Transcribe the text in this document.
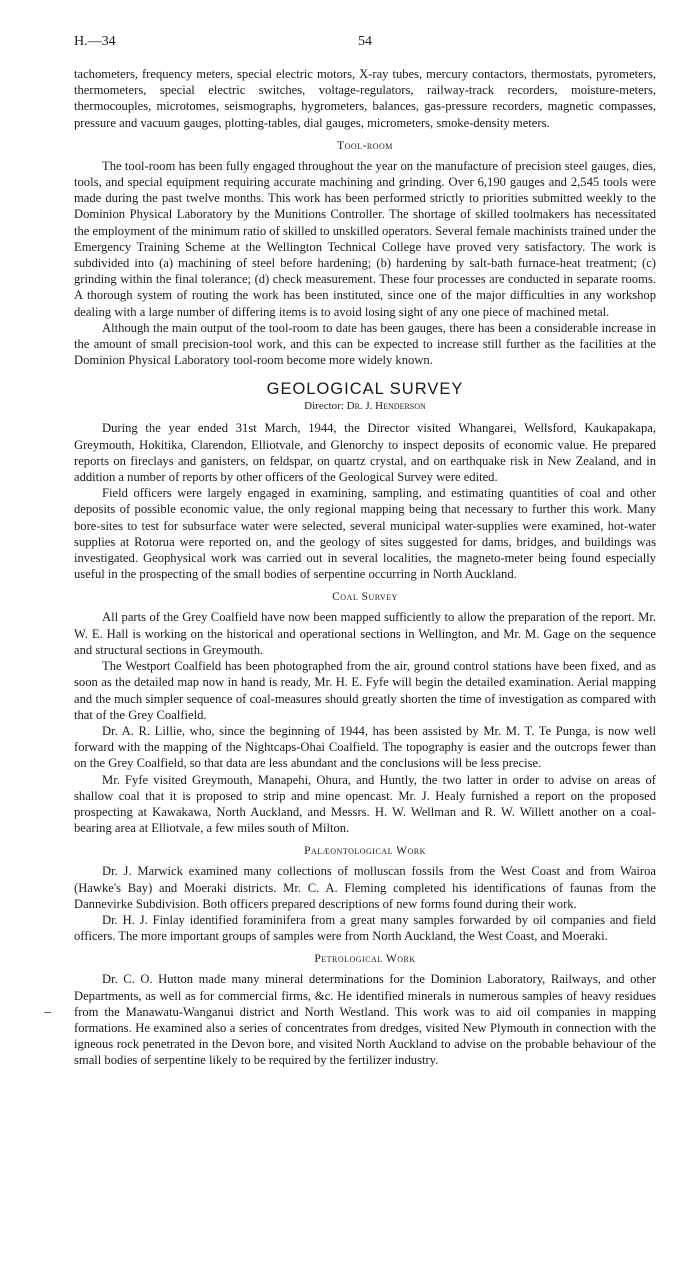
H.—34	54

tachometers, frequency meters, special electric motors, X-ray tubes, mercury contactors, thermostats, pyrometers, thermometers, special electric switches, voltage-regulators, railway-track recorders, moisture-meters, thermocouples, microtomes, seismographs, hygrometers, balances, gas-pressure recorders, magnetic compasses, pressure and vacuum gauges, plotting-tables, dial gauges, micrometers, smoke-density meters.

Tool-room

The tool-room has been fully engaged throughout the year on the manufacture of precision steel gauges, dies, tools, and special equipment requiring accurate machining and grinding. Over 6,190 gauges and 2,545 tools were made during the past twelve months. This work has been performed strictly to priorities submitted weekly to the Dominion Physical Laboratory by the Munitions Controller. The shortage of skilled toolmakers has necessitated the employment of the minimum ratio of skilled to unskilled operators. Several female machinists trained under the Emergency Training Scheme at the Wellington Technical College have proved very satisfactory. The work is subdivided into (a) machining of steel before hardening; (b) hardening by salt-bath furnace-heat treatment; (c) grinding within the final tolerance; (d) check measurement. These four processes are conducted in separate rooms. A thorough system of routing the work has been instituted, since one of the major difficulties in any workshop dealing with a large number of differing items is to avoid losing sight of any one piece of machined metal.

Although the main output of the tool-room to date has been gauges, there has been a considerable increase in the amount of small precision-tool work, and this can be expected to increase still further as the facilities at the Dominion Physical Laboratory tool-room become more widely known.

GEOLOGICAL SURVEY
Director: Dr. J. Henderson

During the year ended 31st March, 1944, the Director visited Whangarei, Wellsford, Kaukapakapa, Greymouth, Hokitika, Clarendon, Elliotvale, and Glenorchy to inspect deposits of economic value. He prepared reports on fireclays and ganisters, on feldspar, on quartz crystal, and on earthquake risk in New Zealand, and in addition a number of reports by other officers of the Geological Survey were edited.

Field officers were largely engaged in examining, sampling, and estimating quantities of coal and other deposits of possible economic value, the only regional mapping being that necessary to further this work. Many bore-sites to test for subsurface water were selected, several municipal water-supplies were examined, hot-water supplies at Rotorua were reported on, and the geology of sites suggested for dams, bridges, and buildings was investigated. Geophysical work was carried out in several localities, the magneto-meter being found especially useful in the prospecting of the small bodies of serpentine occurring in North Auckland.

Coal Survey

All parts of the Grey Coalfield have now been mapped sufficiently to allow the preparation of the report. Mr. W. E. Hall is working on the historical and operational sections in Wellington, and Mr. M. Gage on the sequence and structural sections in Greymouth.

The Westport Coalfield has been photographed from the air, ground control stations have been fixed, and as soon as the detailed map now in hand is ready, Mr. H. E. Fyfe will begin the detailed examination. Aerial mapping and the much simpler sequence of coal-measures should greatly shorten the time of investigation as compared with that of the Grey Coalfield.

Dr. A. R. Lillie, who, since the beginning of 1944, has been assisted by Mr. M. T. Te Punga, is now well forward with the mapping of the Nightcaps-Ohai Coalfield. The topography is easier and the outcrops fewer than on the Grey Coalfield, so that data are less abundant and the conclusions will be less precise.

Mr. Fyfe visited Greymouth, Manapehi, Ohura, and Huntly, the two latter in order to advise on areas of shallow coal that it is proposed to strip and mine opencast. Mr. J. Healy furnished a report on the proposed prospecting at Kawakawa, North Auckland, and Messrs. H. W. Wellman and R. W. Willett another on a coal-bearing area at Elliotvale, a few miles south of Milton.

Palæontological Work

Dr. J. Marwick examined many collections of molluscan fossils from the West Coast and from Wairoa (Hawke's Bay) and Moeraki districts. Mr. C. A. Fleming completed his identifications of faunas from the Dannevirke Subdivision. Both officers prepared descriptions of new forms found during their work.

Dr. H. J. Finlay identified foraminifera from a great many samples forwarded by oil companies and field officers. The more important groups of samples were from North Auckland, the West Coast, and Moeraki.

Petrological Work

Dr. C. O. Hutton made many mineral determinations for the Dominion Laboratory, Railways, and other Departments, as well as for commercial firms, &c. He identified minerals in numerous samples of heavy residues from the Manawatu-Wanganui district and North Westland. This work was to aid oil companies in mapping formations. He examined also a series of concentrates from dredges, visited New Plymouth in connection with the igneous rock penetrated in the Devon bore, and visited North Auckland to advise on the probable behaviour of the small bodies of serpentine likely to be required by the fertilizer industry.
